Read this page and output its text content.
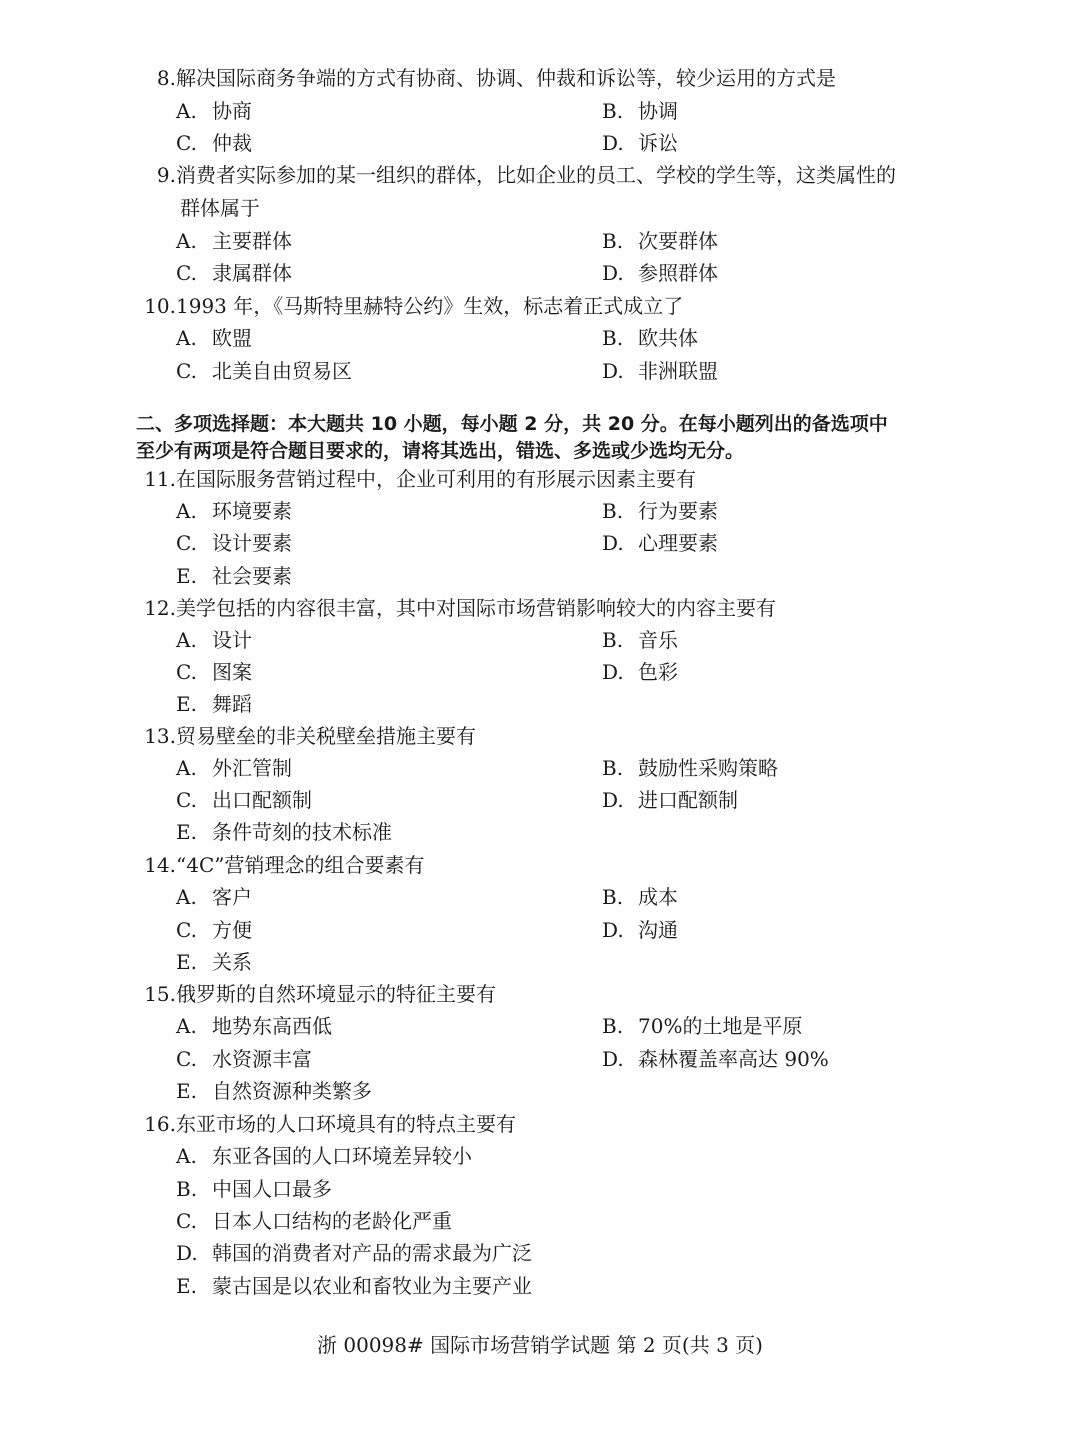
8.解决国际商务争端的方式有协商、协调、仲裁和诉讼等，较少运用的方式是
A. 协商	B. 协调
C. 仲裁	D. 诉讼
9.消费者实际参加的某一组织的群体，比如企业的员工、学校的学生等，这类属性的
群体属于
A. 主要群体	B. 次要群体
C. 隶属群体	D. 参照群体
10.1993 年，《马斯特里赫特公约》生效，标志着正式成立了
A. 欧盟	B. 欧共体
C. 北美自由贸易区	D. 非洲联盟
二、多项选择题：本大题共 10 小题，每小题 2 分，共 20 分。在每小题列出的备选项中
至少有两项是符合题目要求的，请将其选出，错选、多选或少选均无分。
11.在国际服务营销过程中，企业可利用的有形展示因素主要有
A. 环境要素	B. 行为要素
C. 设计要素	D. 心理要素
E. 社会要素
12.美学包括的内容很丰富，其中对国际市场营销影响较大的内容主要有
A. 设计	B. 音乐
C. 图案	D. 色彩
E. 舞蹈
13.贸易壁垒的非关税壁垒措施主要有
A. 外汇管制	B. 鼓励性采购策略
C. 出口配额制	D. 进口配额制
E. 条件苛刻的技术标准
14.“4C”营销理念的组合要素有
A. 客户	B. 成本
C. 方便	D. 沟通
E. 关系
15.俄罗斯的自然环境显示的特征主要有
A. 地势东高西低	B. 70%的土地是平原
C. 水资源丰富	D. 森林覆盖率高达 90%
E. 自然资源种类繁多
16.东亚市场的人口环境具有的特点主要有
A. 东亚各国的人口环境差异较小
B. 中国人口最多
C. 日本人口结构的老龄化严重
D. 韩国的消费者对产品的需求最为广泛
E. 蒙古国是以农业和畜牧业为主要产业
浙 00098# 国际市场营销学试题 第 2 页(共 3 页)
